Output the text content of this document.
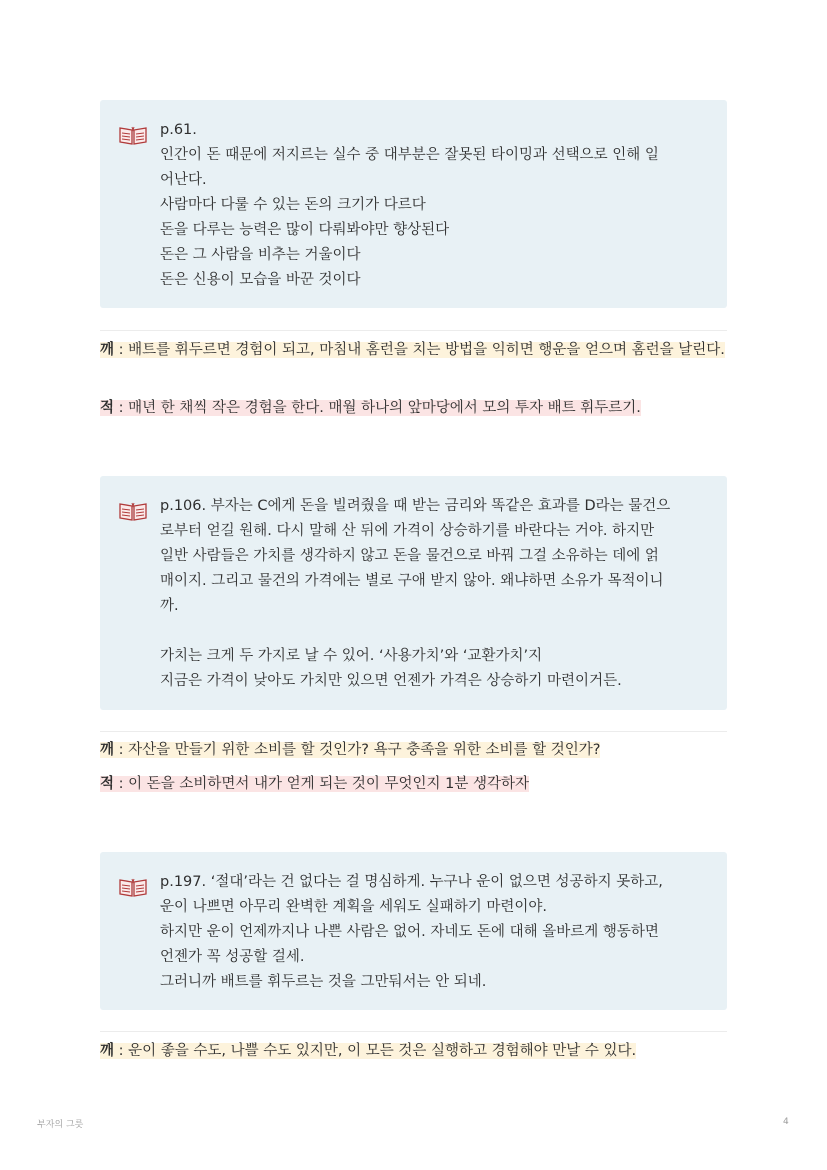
p.61.
인간이 돈 때문에 저지르는 실수 중 대부분은 잘못된 타이밍과 선택으로 인해 일
어난다.
사람마다 다룰 수 있는 돈의 크기가 다르다
돈을 다루는 능력은 많이 다뤄봐야만 향상된다
돈은 그 사람을 비추는 거울이다
돈은 신용이 모습을 바꾼 것이다
깨 : 배트를 휘두르면 경험이 되고, 마침내 홈런을 치는 방법을 익히면 행운을 얻으며 홈런을 날린다.
적 : 매년 한 채씩 작은 경험을 한다. 매월 하나의 앞마당에서 모의 투자 배트 휘두르기.
p.106. 부자는 C에게 돈을 빌려줬을 때 받는 금리와 똑같은 효과를 D라는 물건으
로부터 얻길 원해. 다시 말해 산 뒤에 가격이 상승하기를 바란다는 거야. 하지만
일반 사람들은 가치를 생각하지 않고 돈을 물건으로 바꿔 그걸 소유하는 데에 얽
매이지. 그리고 물건의 가격에는 별로 구애 받지 않아. 왜냐하면 소유가 목적이니
까.
가치는 크게 두 가지로 날 수 있어. ‘사용가치’와 ‘교환가치’지
지금은 가격이 낮아도 가치만 있으면 언젠가 가격은 상승하기 마련이거든.
깨 : 자산을 만들기 위한 소비를 할 것인가? 욕구 충족을 위한 소비를 할 것인가?
적 : 이 돈을 소비하면서 내가 얻게 되는 것이 무엇인지 1분 생각하자
p.197. ‘절대’라는 건 없다는 걸 명심하게. 누구나 운이 없으면 성공하지 못하고,
운이 나쁘면 아무리 완벽한 계획을 세워도 실패하기 마련이야.
하지만 운이 언제까지나 나쁜 사람은 없어. 자네도 돈에 대해 올바르게 행동하면
언젠가 꼭 성공할 걸세.
그러니까 배트를 휘두르는 것을 그만둬서는 안 되네.
깨 : 운이 좋을 수도, 나쁠 수도 있지만, 이 모든 것은 실행하고 경험해야 만날 수 있다.
부자의 그릇	4
